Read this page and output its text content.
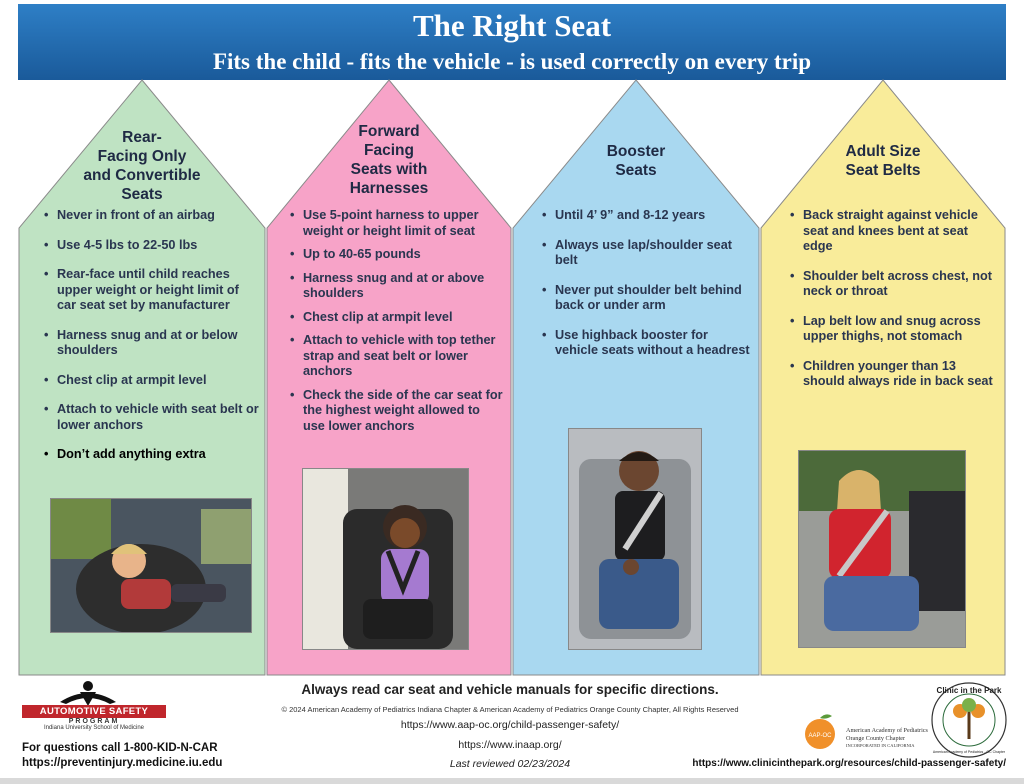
The Right Seat
Fits the child - fits the vehicle - is used correctly on every trip
Rear-
Facing Only
and Convertible
Seats
• Never in front of an airbag
• Use 4-5 lbs to 22-50 lbs
• Rear-face until child reaches upper weight or height limit of car seat set by manufacturer
• Harness snug and at or below shoulders
• Chest clip at armpit level
• Attach to vehicle with seat belt or lower anchors
• Don’t add anything extra
Forward
Facing
Seats with
Harnesses
• Use 5-point harness to upper weight or height limit of seat
• Up to 40-65 pounds
• Harness snug and at or above shoulders
• Chest clip at armpit level
• Attach to vehicle with top tether strap and seat belt or lower anchors
• Check the side of the car seat for the highest weight allowed to use lower anchors
Booster
Seats
• Until 4’ 9” and 8-12 years
• Always use lap/shoulder seat belt
• Never put shoulder belt behind back or under arm
• Use highback booster for vehicle seats without a headrest
Adult Size
Seat Belts
• Back straight against vehicle seat and knees bent at seat edge
• Shoulder belt across chest, not neck or throat
• Lap belt low and snug across upper thighs, not stomach
• Children younger than 13 should always ride in back seat
AUTOMOTIVE SAFETY
PROGRAM
Indiana University School of Medicine
For questions call 1-800-KID-N-CAR
https://preventinjury.medicine.iu.edu
Always read car seat and vehicle manuals for specific directions.
© 2024 American Academy of Pediatrics Indiana Chapter & American Academy of Pediatrics Orange County Chapter, All Rights Reserved
https://www.aap-oc.org/child-passenger-safety/
https://www.inaap.org/
Last reviewed 02/23/2024
AAP-OC
American Academy of Pediatrics
Orange County Chapter
INCORPORATED IN CALIFORNIA
Clinic in the Park
American Academy of Pediatrics - OC Chapter
https://www.clinicinthepark.org/resources/child-passenger-safety/
